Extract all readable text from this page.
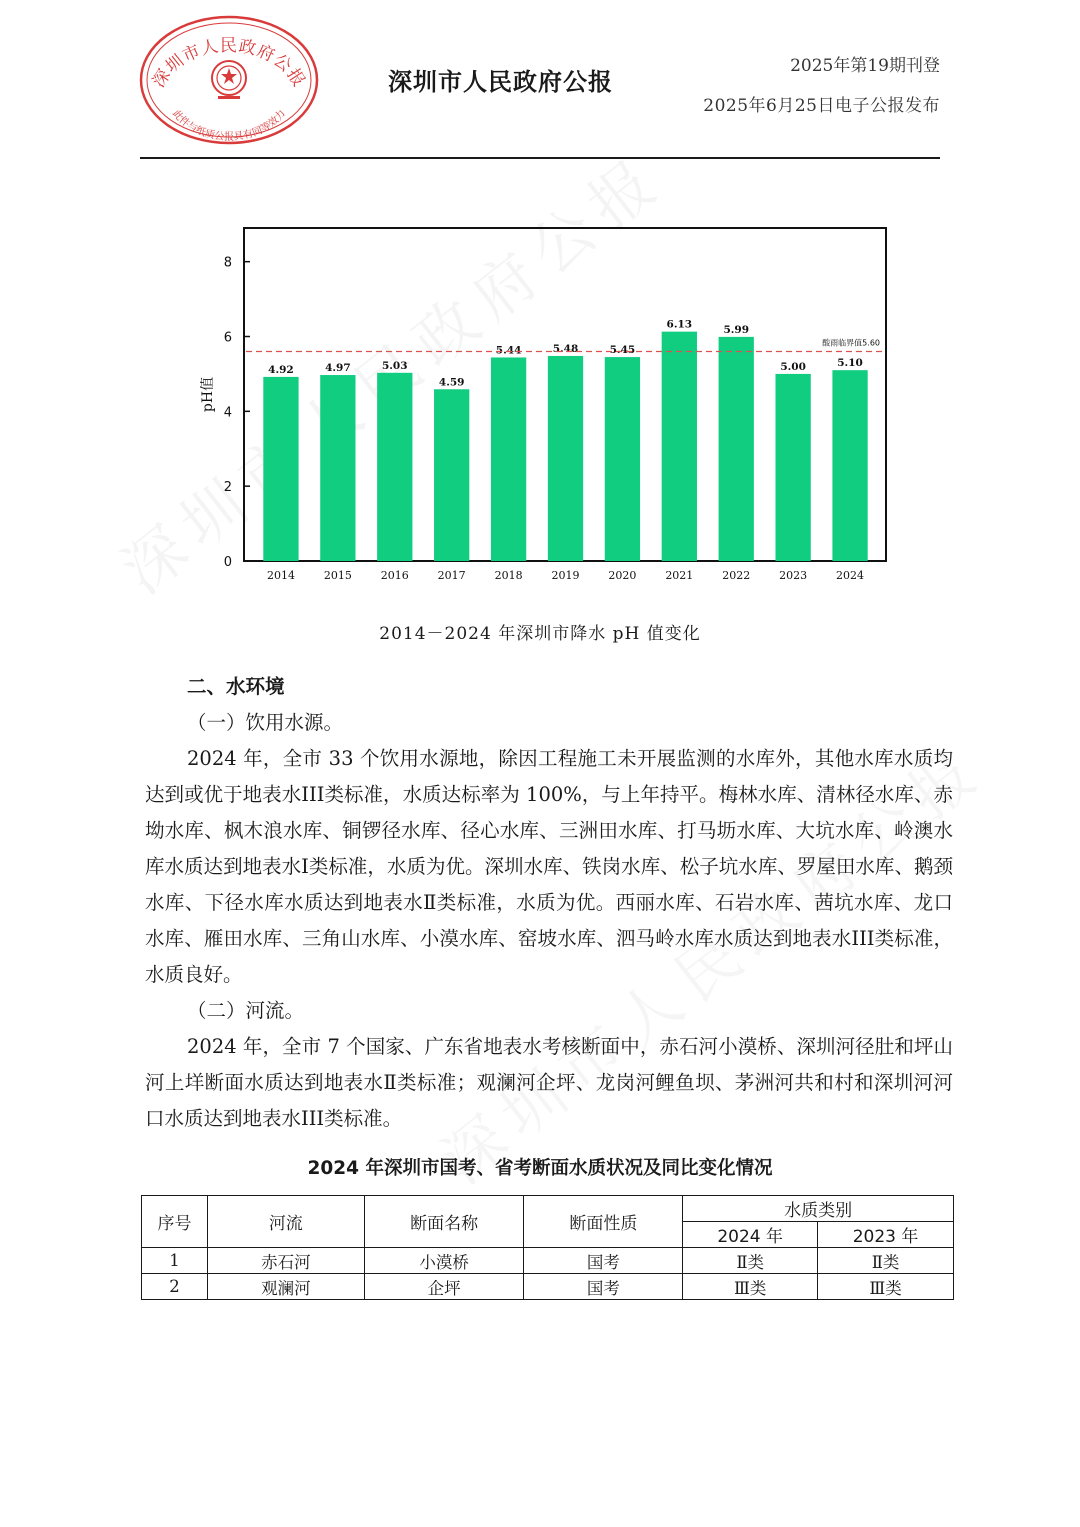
深圳市人民政府公报
此件与纸质公报具有同等效力
深圳市人民政府公报
2025年第19期刊登
2025年6月25日电子公报发布
0
2
4
6
8
pH值
4.92
2014
4.97
2015
5.03
2016
4.59
2017
5.44
2018
5.48
2019
5.45
2020
6.13
2021
5.99
2022
5.00
2023
5.10
2024
酸雨临界值5.60
2014－2024 年深圳市降水 pH 值变化
二、水环境

（一）饮用水源。

2024 年，全市 33 个饮用水源地，除因工程施工未开展监测的水库外，其他水库水质均达到或优于地表水III类标准，水质达标率为 100%，与上年持平。梅林水库、清林径水库、赤坳水库、枫木浪水库、铜锣径水库、径心水库、三洲田水库、打马坜水库、大坑水库、岭澳水库水质达到地表水Ⅰ类标准，水质为优。深圳水库、铁岗水库、松子坑水库、罗屋田水库、鹅颈水库、下径水库水质达到地表水Ⅱ类标准，水质为优。西丽水库、石岩水库、茜坑水库、龙口水库、雁田水库、三角山水库、小漠水库、窑坡水库、泗马岭水库水质达到地表水III类标准，水质良好。

（二）河流。

2024 年，全市 7 个国家、广东省地表水考核断面中，赤石河小漠桥、深圳河径肚和坪山河上垟断面水质达到地表水Ⅱ类标准；观澜河企坪、龙岗河鲤鱼坝、茅洲河共和村和深圳河河口水质达到地表水III类标准。

2024 年深圳市国考、省考断面水质状况及同比变化情况
序号	河流	断面名称	断面性质	水质类别	
				2024 年	2023 年
1	赤石河	小漠桥	国考	Ⅱ类	Ⅱ类
2	观澜河	企坪	国考	Ⅲ类	Ⅲ类
